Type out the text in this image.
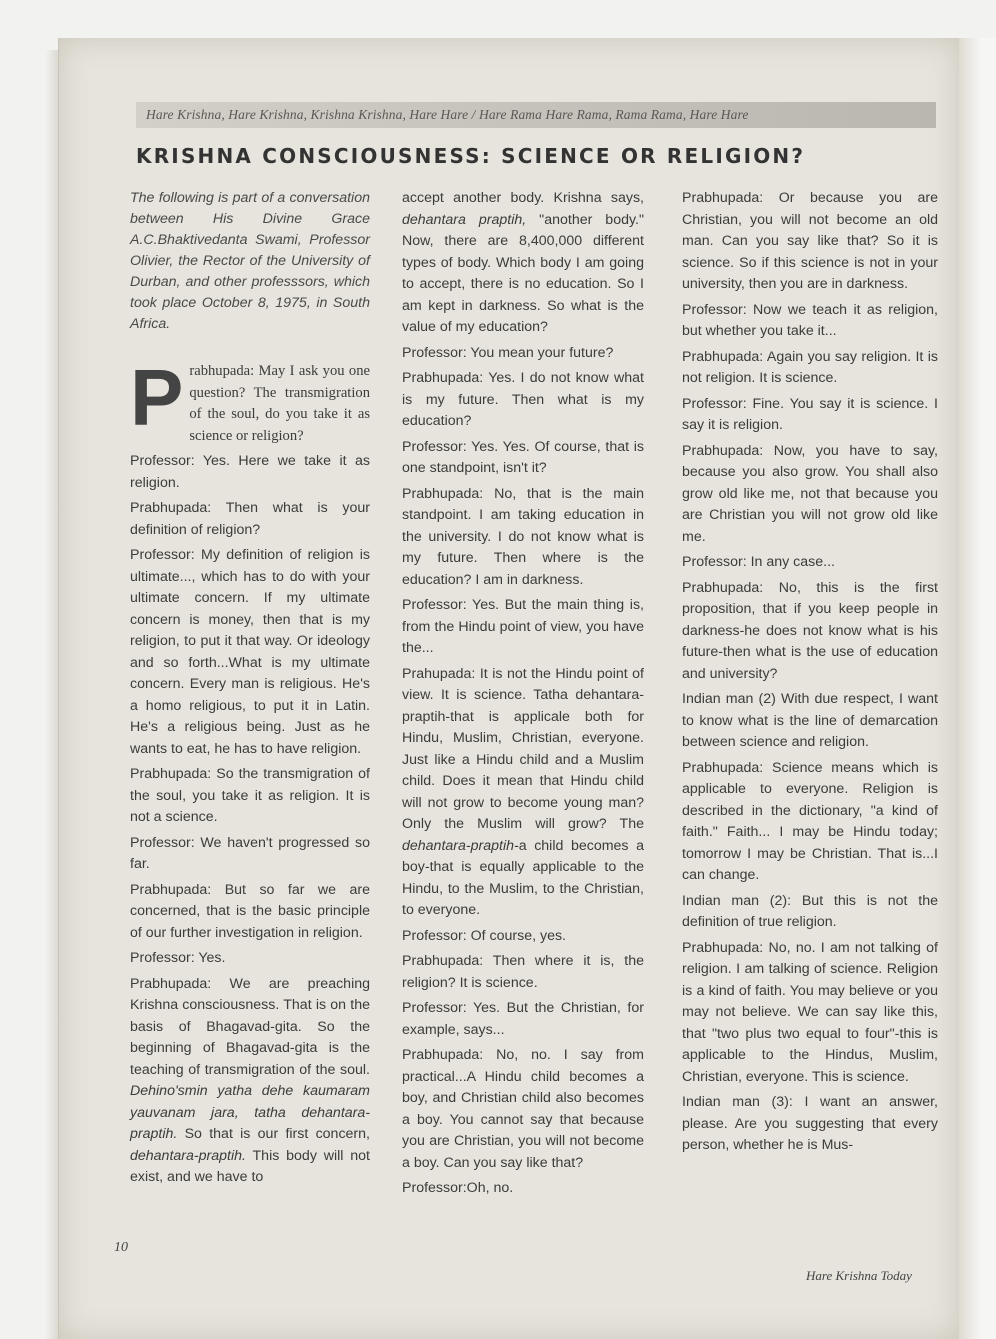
Hare Krishna, Hare Krishna, Krishna Krishna, Hare Hare / Hare Rama Hare Rama, Rama Rama, Hare Hare
KRISHNA CONSCIOUSNESS: SCIENCE OR RELIGION?

The following is part of a conversation between His Divine Grace A.C.Bhaktivedanta Swami, Professor Olivier, the Rector of the University of Durban, and other professsors, which took place October 8, 1975, in South Africa.

Prabhupada: May I ask you one question? The transmigration of the soul, do you take it as science or religion?

Professor: Yes. Here we take it as religion.

Prabhupada: Then what is your definition of religion?

Professor: My definition of religion is ultimate..., which has to do with your ultimate concern. If my ultimate concern is money, then that is my religion, to put it that way. Or ideology and so forth...What is my ultimate concern. Every man is religious. He's a homo religious, to put it in Latin. He's a religious being. Just as he wants to eat, he has to have religion.

Prabhupada: So the transmigration of the soul, you take it as religion. It is not a science.

Professor: We haven't progressed so far.

Prabhupada: But so far we are concerned, that is the basic principle of our further investigation in religion.

Professor: Yes.

Prabhupada: We are preaching Krishna consciousness. That is on the basis of Bhagavad-gita. So the beginning of Bhagavad-gita is the teaching of transmigration of the soul. Dehino'smin yatha dehe kaumaram yauvanam jara, tatha dehantara-praptih. So that is our first concern, dehantara-praptih. This body will not exist, and we have to

accept another body. Krishna says, dehantara praptih, "another body." Now, there are 8,400,000 different types of body. Which body I am going to accept, there is no education. So I am kept in darkness. So what is the value of my education?

Professor: You mean your future?

Prabhupada: Yes. I do not know what is my future. Then what is my education?

Professor: Yes. Yes. Of course, that is one standpoint, isn't it?

Prabhupada: No, that is the main standpoint. I am taking education in the university. I do not know what is my future. Then where is the education? I am in darkness.

Professor: Yes. But the main thing is, from the Hindu point of view, you have the...

Prahupada: It is not the Hindu point of view. It is science. Tatha dehantara-praptih-that is applicale both for Hindu, Muslim, Christian, everyone. Just like a Hindu child and a Muslim child. Does it mean that Hindu child will not grow to become young man? Only the Muslim will grow? The dehantara-praptih-a child becomes a boy-that is equally applicable to the Hindu, to the Muslim, to the Christian, to everyone.

Professor: Of course, yes.

Prabhupada: Then where it is, the religion? It is science.

Professor: Yes. But the Christian, for example, says...

Prabhupada: No, no. I say from practical...A Hindu child becomes a boy, and Christian child also becomes a boy. You cannot say that because you are Christian, you will not become a boy. Can you say like that?

Professor:Oh, no.

Prabhupada: Or because you are Christian, you will not become an old man. Can you say like that? So it is science. So if this science is not in your university, then you are in darkness.

Professor: Now we teach it as religion, but whether you take it...

Prabhupada: Again you say religion. It is not religion. It is science.

Professor: Fine. You say it is science. I say it is religion.

Prabhupada: Now, you have to say, because you also grow. You shall also grow old like me, not that because you are Christian you will not grow old like me.

Professor: In any case...

Prabhupada: No, this is the first proposition, that if you keep people in darkness-he does not know what is his future-then what is the use of education and university?

Indian man (2) With due respect, I want to know what is the line of demarcation between science and religion.

Prabhupada: Science means which is applicable to everyone. Religion is described in the dictionary, "a kind of faith." Faith... I may be Hindu today; tomorrow I may be Christian. That is...I can change.

Indian man (2): But this is not the definition of true religion.

Prabhupada: No, no. I am not talking of religion. I am talking of science. Religion is a kind of faith. You may believe or you may not believe. We can say like this, that "two plus two equal to four"-this is applicable to the Hindus, Muslim, Christian, everyone. This is science.

Indian man (3): I want an answer, please. Are you suggesting that every person, whether he is Mus-

10
Hare Krishna Today
